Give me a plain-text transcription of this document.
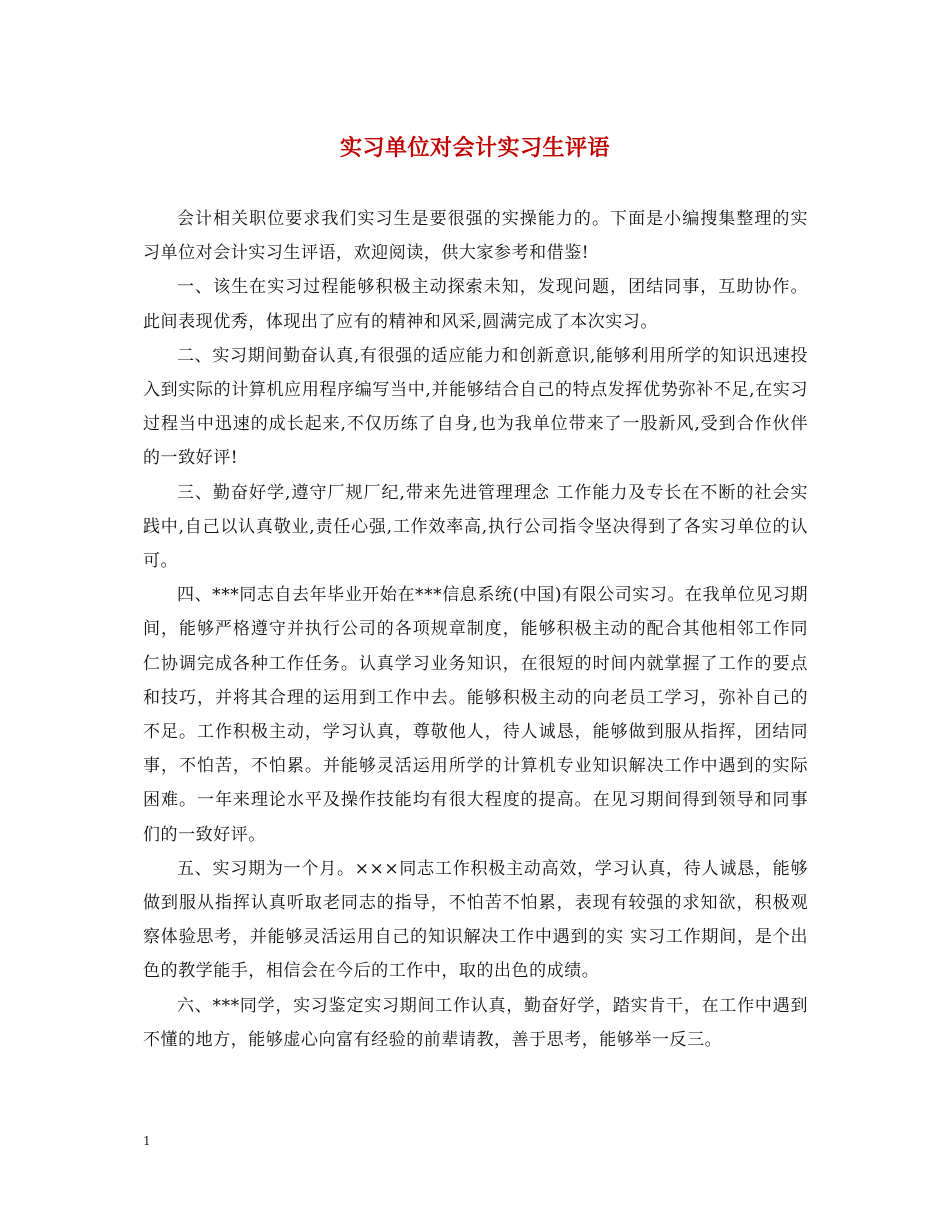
实习单位对会计实习生评语

会计相关职位要求我们实习生是要很强的实操能力的。下面是小编搜集整理的实习单位对会计实习生评语，欢迎阅读，供大家参考和借鉴!

一、该生在实习过程能够积极主动探索未知，发现问题，团结同事，互助协作。此间表现优秀，体现出了应有的精神和风采,圆满完成了本次实习。

二、实习期间勤奋认真,有很强的适应能力和创新意识,能够利用所学的知识迅速投入到实际的计算机应用程序编写当中,并能够结合自己的特点发挥优势弥补不足,在实习过程当中迅速的成长起来,不仅历练了自身,也为我单位带来了一股新风,受到合作伙伴的一致好评!

三、勤奋好学,遵守厂规厂纪,带来先进管理理念 工作能力及专长在不断的社会实践中,自己以认真敬业,责任心强,工作效率高,执行公司指令坚决得到了各实习单位的认可。

四、***同志自去年毕业开始在***信息系统(中国)有限公司实习。在我单位见习期间，能够严格遵守并执行公司的各项规章制度，能够积极主动的配合其他相邻工作同仁协调完成各种工作任务。认真学习业务知识，在很短的时间内就掌握了工作的要点和技巧，并将其合理的运用到工作中去。能够积极主动的向老员工学习，弥补自己的不足。工作积极主动，学习认真，尊敬他人，待人诚恳，能够做到服从指挥，团结同事，不怕苦，不怕累。并能够灵活运用所学的计算机专业知识解决工作中遇到的实际困难。一年来理论水平及操作技能均有很大程度的提高。在见习期间得到领导和同事们的一致好评。

五、实习期为一个月。×××同志工作积极主动高效，学习认真，待人诚恳，能够做到服从指挥认真听取老同志的指导，不怕苦不怕累，表现有较强的求知欲，积极观察体验思考，并能够灵活运用自己的知识解决工作中遇到的实 实习工作期间，是个出色的教学能手，相信会在今后的工作中，取的出色的成绩。

六、***同学，实习鉴定实习期间工作认真，勤奋好学，踏实肯干，在工作中遇到不懂的地方，能够虚心向富有经验的前辈请教，善于思考，能够举一反三。

1
